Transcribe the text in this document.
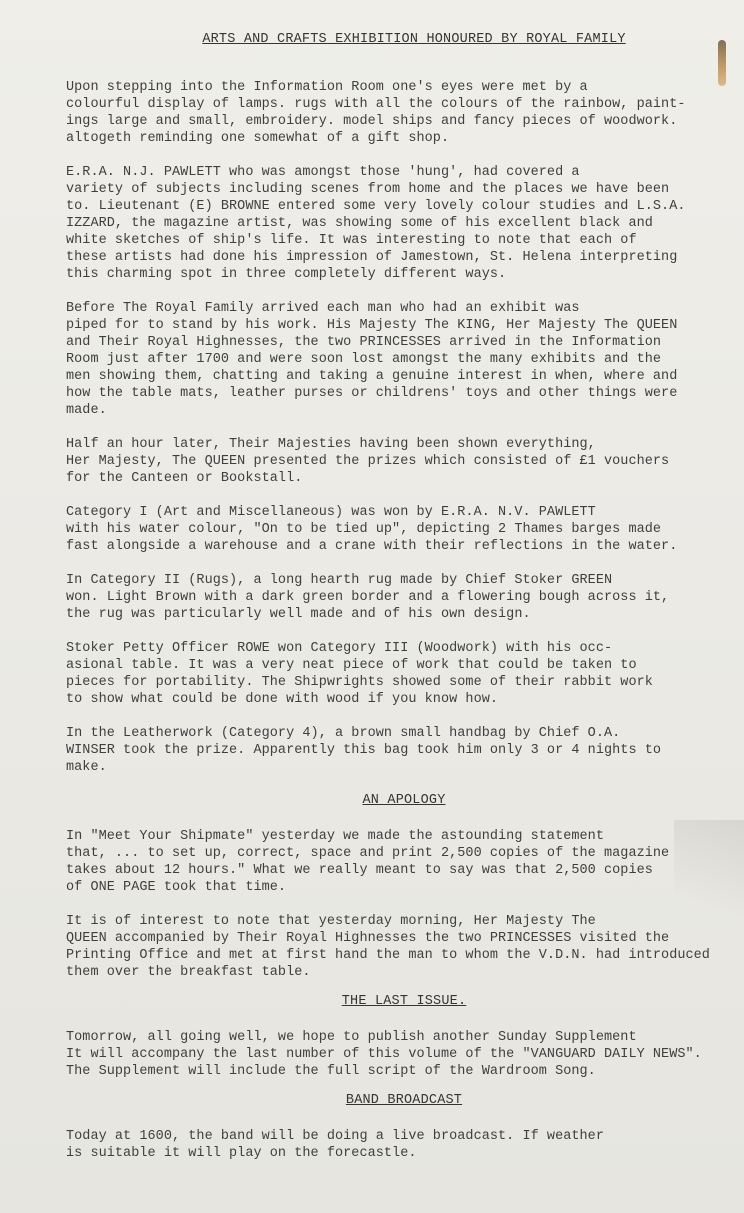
ARTS AND CRAFTS EXHIBITION HONOURED BY ROYAL FAMILY
Upon stepping into the Information Room one's eyes were met by a
colourful display of lamps. rugs with all the colours of the rainbow, paint-
ings large and small, embroidery. model ships and fancy pieces of woodwork.
altogeth reminding one somewhat of a gift shop.
E.R.A. N.J. PAWLETT who was amongst those 'hung', had covered a
variety of subjects including scenes from home and the places we have been
to. Lieutenant (E) BROWNE entered some very lovely colour studies and L.S.A.
IZZARD, the magazine artist, was showing some of his excellent black and
white sketches of ship's life. It was interesting to note that each of
these artists had done his impression of Jamestown, St. Helena interpreting
this charming spot in three completely different ways.
Before The Royal Family arrived each man who had an exhibit was
piped for to stand by his work. His Majesty The KING, Her Majesty The QUEEN
and Their Royal Highnesses, the two PRINCESSES arrived in the Information
Room just after 1700 and were soon lost amongst the many exhibits and the
men showing them, chatting and taking a genuine interest in when, where and
how the table mats, leather purses or childrens' toys and other things were
made.
Half an hour later, Their Majesties having been shown everything,
Her Majesty, The QUEEN presented the prizes which consisted of £1 vouchers
for the Canteen or Bookstall.
Category I (Art and Miscellaneous) was won by E.R.A. N.V. PAWLETT
with his water colour, "On to be tied up", depicting 2 Thames barges made
fast alongside a warehouse and a crane with their reflections in the water.
In Category II (Rugs), a long hearth rug made by Chief Stoker GREEN
won. Light Brown with a dark green border and a flowering bough across it,
the rug was particularly well made and of his own design.
Stoker Petty Officer ROWE won Category III (Woodwork) with his occ-
asional table. It was a very neat piece of work that could be taken to
pieces for portability. The Shipwrights showed some of their rabbit work
to show what could be done with wood if you know how.
In the Leatherwork (Category 4), a brown small handbag by Chief O.A.
WINSER took the prize. Apparently this bag took him only 3 or 4 nights to
make.
AN APOLOGY
In "Meet Your Shipmate" yesterday we made the astounding statement
that, ... to set up, correct, space and print 2,500 copies of the magazine
takes about 12 hours." What we really meant to say was that 2,500 copies
of ONE PAGE took that time.
It is of interest to note that yesterday morning, Her Majesty The
QUEEN accompanied by Their Royal Highnesses the two PRINCESSES visited the
Printing Office and met at first hand the man to whom the V.D.N. had introduced
them over the breakfast table.
THE LAST ISSUE.
Tomorrow, all going well, we hope to publish another Sunday Supplement
It will accompany the last number of this volume of the "VANGUARD DAILY NEWS".
The Supplement will include the full script of the Wardroom Song.
BAND BROADCAST
Today at 1600, the band will be doing a live broadcast. If weather
is suitable it will play on the forecastle.
